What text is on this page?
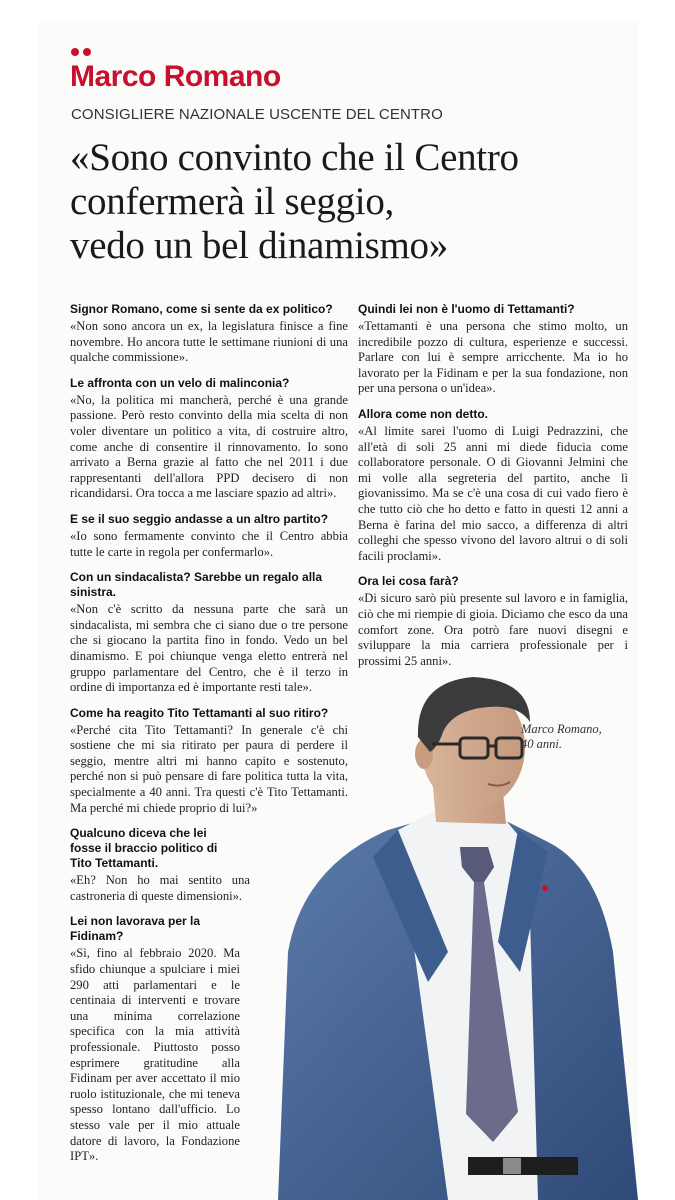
Marco Romano
CONSIGLIERE NAZIONALE USCENTE DEL CENTRO
«Sono convinto che il Centro
confermerà il seggio,
vedo un bel dinamismo»

Signor Romano, come si sente da ex politico?

«Non sono ancora un ex, la legislatura finisce a fine novembre. Ho ancora tutte le settimane riunioni di una qualche commissione».

Le affronta con un velo di malinconia?

«No, la politica mi mancherà, perché è una grande passione. Però resto convinto della mia scelta di non voler diventare un politico a vita, di costruire altro, come anche di consentire il rinnovamento. Io sono arrivato a Berna grazie al fatto che nel 2011 i due rappresentanti dell'allora PPD decisero di non ricandidarsi. Ora tocca a me lasciare spazio ad altri».

E se il suo seggio andasse a un altro partito?

«Io sono fermamente convinto che il Centro abbia tutte le carte in regola per confermarlo».

Con un sindacalista? Sarebbe un regalo alla sinistra.

«Non c'è scritto da nessuna parte che sarà un sindacalista, mi sembra che ci siano due o tre persone che si giocano la partita fino in fondo. Vedo un bel dinamismo. E poi chiunque venga eletto entrerà nel gruppo parlamentare del Centro, che è il terzo in ordine di importanza ed è importante resti tale».

Come ha reagito Tito Tettamanti al suo ritiro?

«Perché cita Tito Tettamanti? In generale c'è chi sostiene che mi sia ritirato per paura di perdere il seggio, mentre altri mi hanno capito e sostenuto, perché non si può pensare di fare politica tutta la vita, specialmente a 40 anni. Tra questi c'è Tito Tettamanti. Ma perché mi chiede proprio di lui?»

Qualcuno diceva che lei fosse il braccio politico di Tito Tettamanti.

«Eh? Non ho mai sentito una castroneria di queste dimensioni».

Lei non lavorava per la Fidinam?

«Sì, fino al febbraio 2020. Ma sfido chiunque a spulciare i miei 290 atti parlamentari e le centinaia di interventi e trovare una minima correlazione specifica con la mia attività professionale. Piuttosto posso esprimere gratitudine alla Fidinam per aver accettato il mio ruolo istituzionale, che mi teneva spesso lontano dall'ufficio. Lo stesso vale per il mio attuale datore di lavoro, la Fondazione IPT».

Quindi lei non è l'uomo di Tettamanti?

«Tettamanti è una persona che stimo molto, un incredibile pozzo di cultura, esperienze e successi. Parlare con lui è sempre arricchente. Ma io ho lavorato per la Fidinam e per la sua fondazione, non per una persona o un'idea».

Allora come non detto.

«Al limite sarei l'uomo di Luigi Pedrazzini, che all'età di soli 25 anni mi diede fiducia come collaboratore personale. O di Giovanni Jelmini che mi volle alla segreteria del partito, anche lì giovanissimo. Ma se c'è una cosa di cui vado fiero è che tutto ciò che ho detto e fatto in questi 12 anni a Berna è farina del mio sacco, a differenza di altri colleghi che spesso vivono del lavoro altrui o di soli facili proclami».

Ora lei cosa farà?

«Di sicuro sarò più presente sul lavoro e in famiglia, ciò che mi riempie di gioia. Diciamo che esco da una comfort zone. Ora potrò fare nuovi disegni e sviluppare la mia carriera professionale per i prossimi 25 anni».

Marco Romano,
40 anni.
